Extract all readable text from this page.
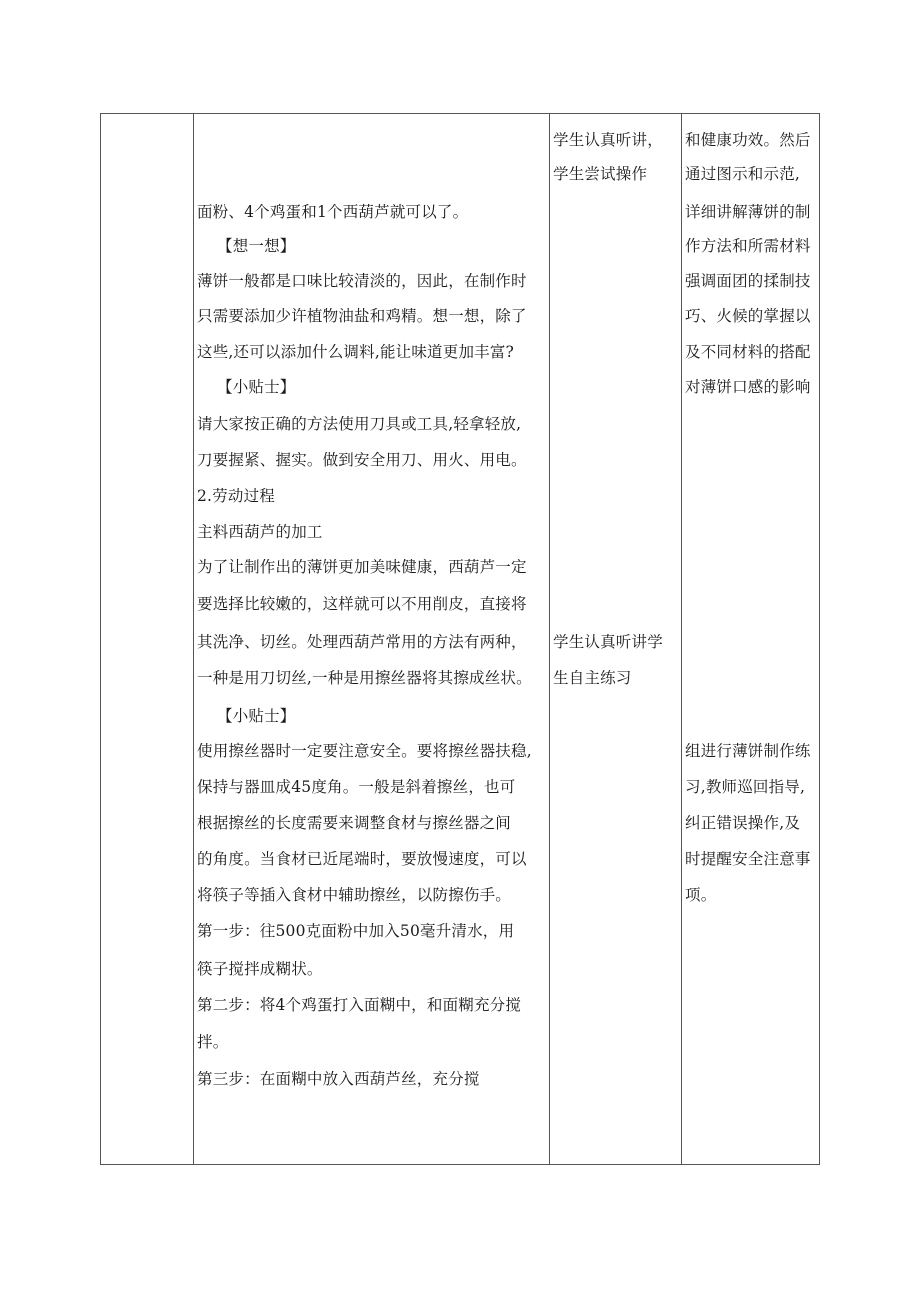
面粉、4个鸡蛋和1个西葫芦就可以了。
【想一想】
薄饼一般都是口味比较清淡的，因此，在制作时
只需要添加少许植物油盐和鸡精。想一想，除了
这些,还可以添加什么调料,能让味道更加丰富?
【小贴士】
请大家按正确的方法使用刀具或工具,轻拿轻放,
刀要握紧、握实。做到安全用刀、用火、用电。
2.劳动过程
主料西葫芦的加工
为了让制作出的薄饼更加美味健康，西葫芦一定
要选择比较嫩的，这样就可以不用削皮，直接将
其洗净、切丝。处理西葫芦常用的方法有两种，
一种是用刀切丝,一种是用擦丝器将其擦成丝状。
【小贴士】
使用擦丝器时一定要注意安全。要将擦丝器扶稳,
保持与器皿成45度角。一般是斜着擦丝，也可
根据擦丝的长度需要来调整食材与擦丝器之间
的角度。当食材已近尾端时，要放慢速度，可以
将筷子等插入食材中辅助擦丝，以防擦伤手。
第一步：往500克面粉中加入50毫升清水，用
筷子搅拌成糊状。
第二步：将4个鸡蛋打入面糊中，和面糊充分搅
拌。
第三步：在面糊中放入西葫芦丝，充分搅
学生认真听讲，
学生尝试操作
学生认真听讲学
生自主练习
和健康功效。然后
通过图示和示范,
详细讲解薄饼的制
作方法和所需材料
强调面团的揉制技
巧、火候的掌握以
及不同材料的搭配
对薄饼口感的影响
组进行薄饼制作练
习,教师巡回指导,
纠正错误操作,及
时提醒安全注意事
项。
